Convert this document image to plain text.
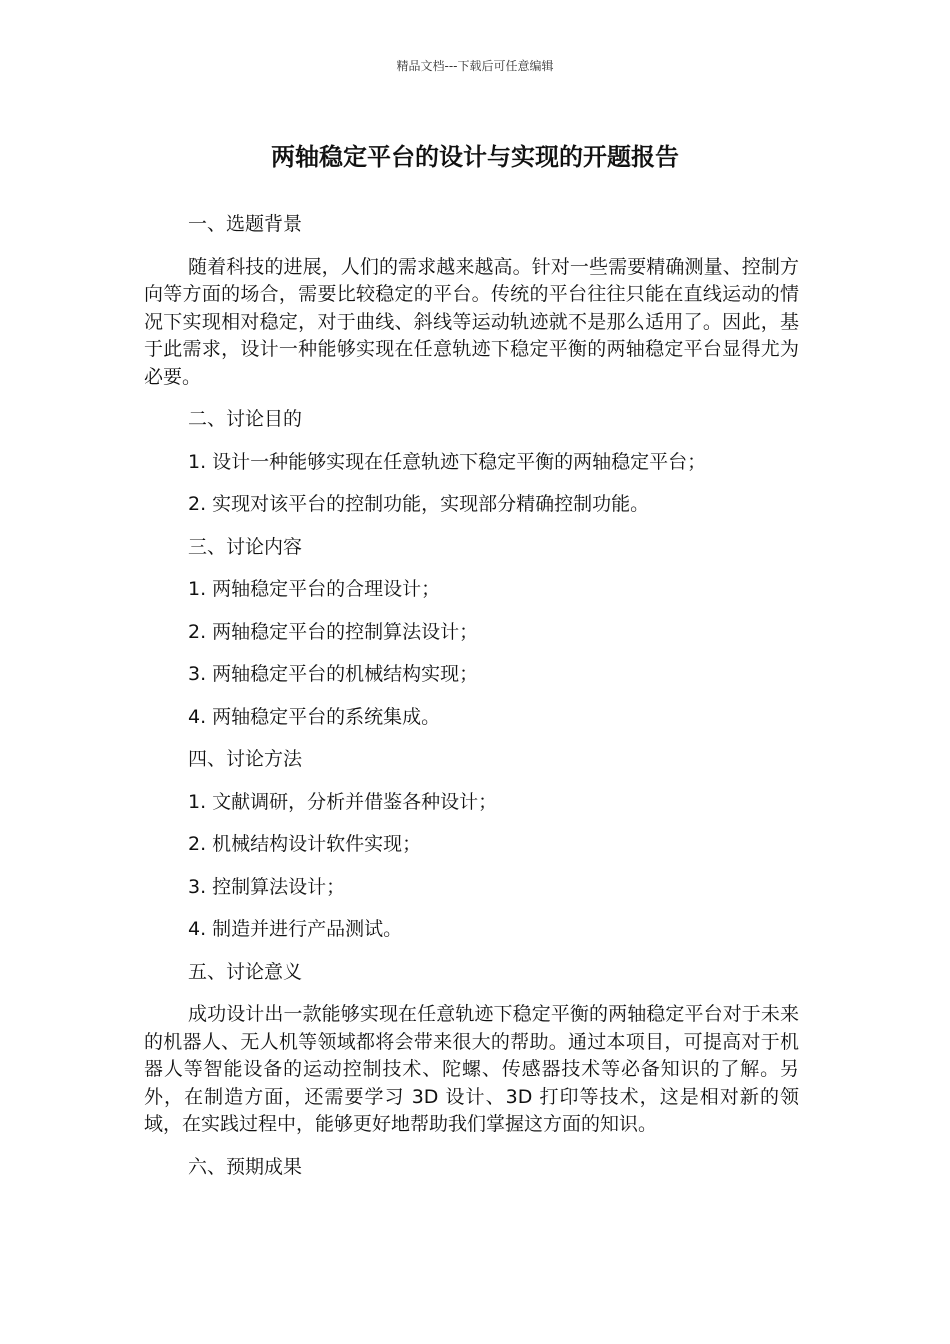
精品文档---下载后可任意编辑
两轴稳定平台的设计与实现的开题报告

一、选题背景

随着科技的进展，人们的需求越来越高。针对一些需要精确测量、控制方向等方面的场合，需要比较稳定的平台。传统的平台往往只能在直线运动的情况下实现相对稳定，对于曲线、斜线等运动轨迹就不是那么适用了。因此，基于此需求，设计一种能够实现在任意轨迹下稳定平衡的两轴稳定平台显得尤为必要。

二、讨论目的

1. 设计一种能够实现在任意轨迹下稳定平衡的两轴稳定平台；

2. 实现对该平台的控制功能，实现部分精确控制功能。

三、讨论内容

1. 两轴稳定平台的合理设计；

2. 两轴稳定平台的控制算法设计；

3. 两轴稳定平台的机械结构实现；

4. 两轴稳定平台的系统集成。

四、讨论方法

1. 文献调研，分析并借鉴各种设计；

2. 机械结构设计软件实现；

3. 控制算法设计；

4. 制造并进行产品测试。

五、讨论意义

成功设计出一款能够实现在任意轨迹下稳定平衡的两轴稳定平台对于未来的机器人、无人机等领域都将会带来很大的帮助。通过本项目，可提高对于机器人等智能设备的运动控制技术、陀螺、传感器技术等必备知识的了解。另外，在制造方面，还需要学习 3D 设计、3D 打印等技术，这是相对新的领域，在实践过程中，能够更好地帮助我们掌握这方面的知识。

六、预期成果
